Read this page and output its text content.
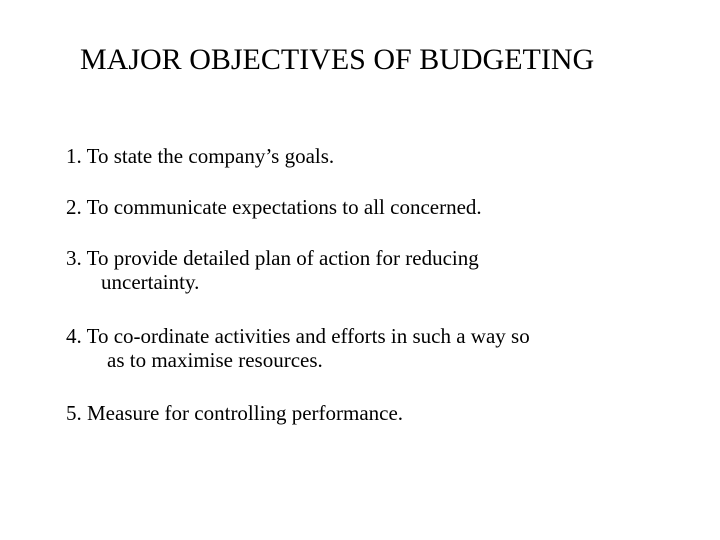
MAJOR OBJECTIVES OF BUDGETING
1. To state the company’s goals.
2. To communicate expectations to all concerned.
3. To provide detailed plan of action for reducing
uncertainty.
4. To co-ordinate activities and efforts in such a way so
as to maximise resources.
5. Measure for controlling performance.
